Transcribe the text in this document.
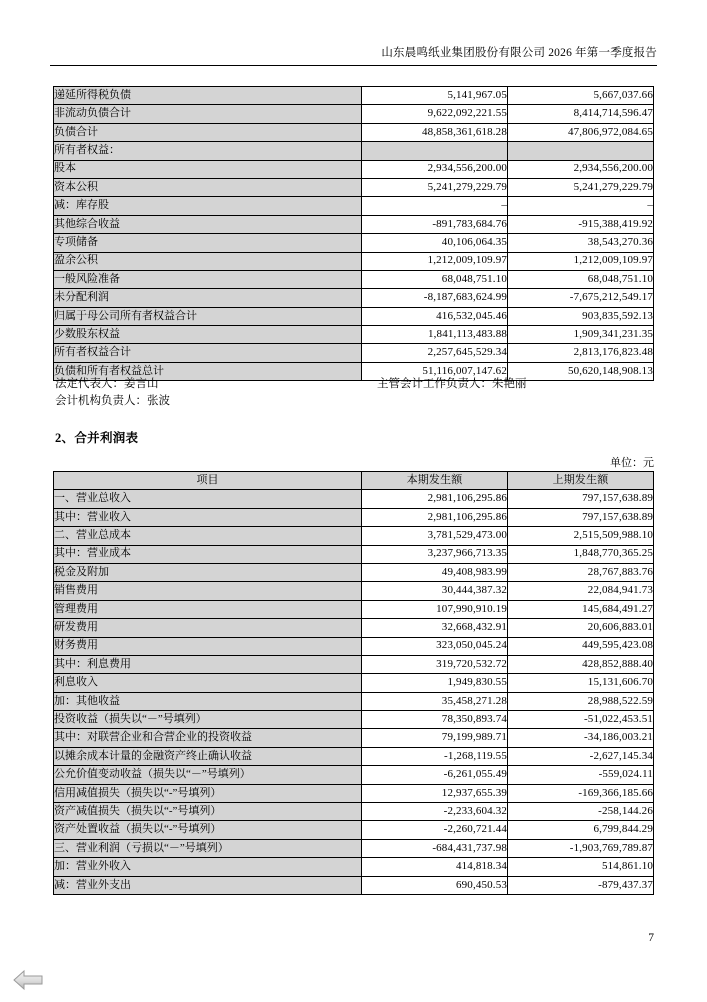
山东晨鸣纸业集团股份有限公司 2026 年第一季度报告
递延所得税负债	5,141,967.05	5,667,037.66
非流动负债合计	9,622,092,221.55	8,414,714,596.47
负债合计	48,858,361,618.28	47,806,972,084.65
所有者权益：		
股本	2,934,556,200.00	2,934,556,200.00
资本公积	5,241,279,229.79	5,241,279,229.79
减：库存股	–	–
其他综合收益	-891,783,684.76	-915,388,419.92
专项储备	40,106,064.35	38,543,270.36
盈余公积	1,212,009,109.97	1,212,009,109.97
一般风险准备	68,048,751.10	68,048,751.10
未分配利润	-8,187,683,624.99	-7,675,212,549.17
归属于母公司所有者权益合计	416,532,045.46	903,835,592.13
少数股东权益	1,841,113,483.88	1,909,341,231.35
所有者权益合计	2,257,645,529.34	2,813,176,823.48
负债和所有者权益总计	51,116,007,147.62	50,620,148,908.13
法定代表人：姜言山	主管会计工作负责人：朱艳丽
会计机构负责人：张波
2、合并利润表
单位：元
项目	本期发生额	上期发生额
一、营业总收入	2,981,106,295.86	797,157,638.89
其中：营业收入	2,981,106,295.86	797,157,638.89
二、营业总成本	3,781,529,473.00	2,515,509,988.10
其中：营业成本	3,237,966,713.35	1,848,770,365.25
税金及附加	49,408,983.99	28,767,883.76
销售费用	30,444,387.32	22,084,941.73
管理费用	107,990,910.19	145,684,491.27
研发费用	32,668,432.91	20,606,883.01
财务费用	323,050,045.24	449,595,423.08
其中：利息费用	319,720,532.72	428,852,888.40
利息收入	1,949,830.55	15,131,606.70
加：其他收益	35,458,271.28	28,988,522.59
投资收益（损失以“－”号填列）	78,350,893.74	-51,022,453.51
其中：对联营企业和合营企业的投资收益	79,199,989.71	-34,186,003.21
以摊余成本计量的金融资产终止确认收益	-1,268,119.55	-2,627,145.34
公允价值变动收益（损失以“－”号填列）	-6,261,055.49	-559,024.11
信用减值损失（损失以“-”号填列）	12,937,655.39	-169,366,185.66
资产减值损失（损失以“-”号填列）	-2,233,604.32	-258,144.26
资产处置收益（损失以“-”号填列）	-2,260,721.44	6,799,844.29
三、营业利润（亏损以“－”号填列）	-684,431,737.98	-1,903,769,789.87
加：营业外收入	414,818.34	514,861.10
减：营业外支出	690,450.53	-879,437.37
7
